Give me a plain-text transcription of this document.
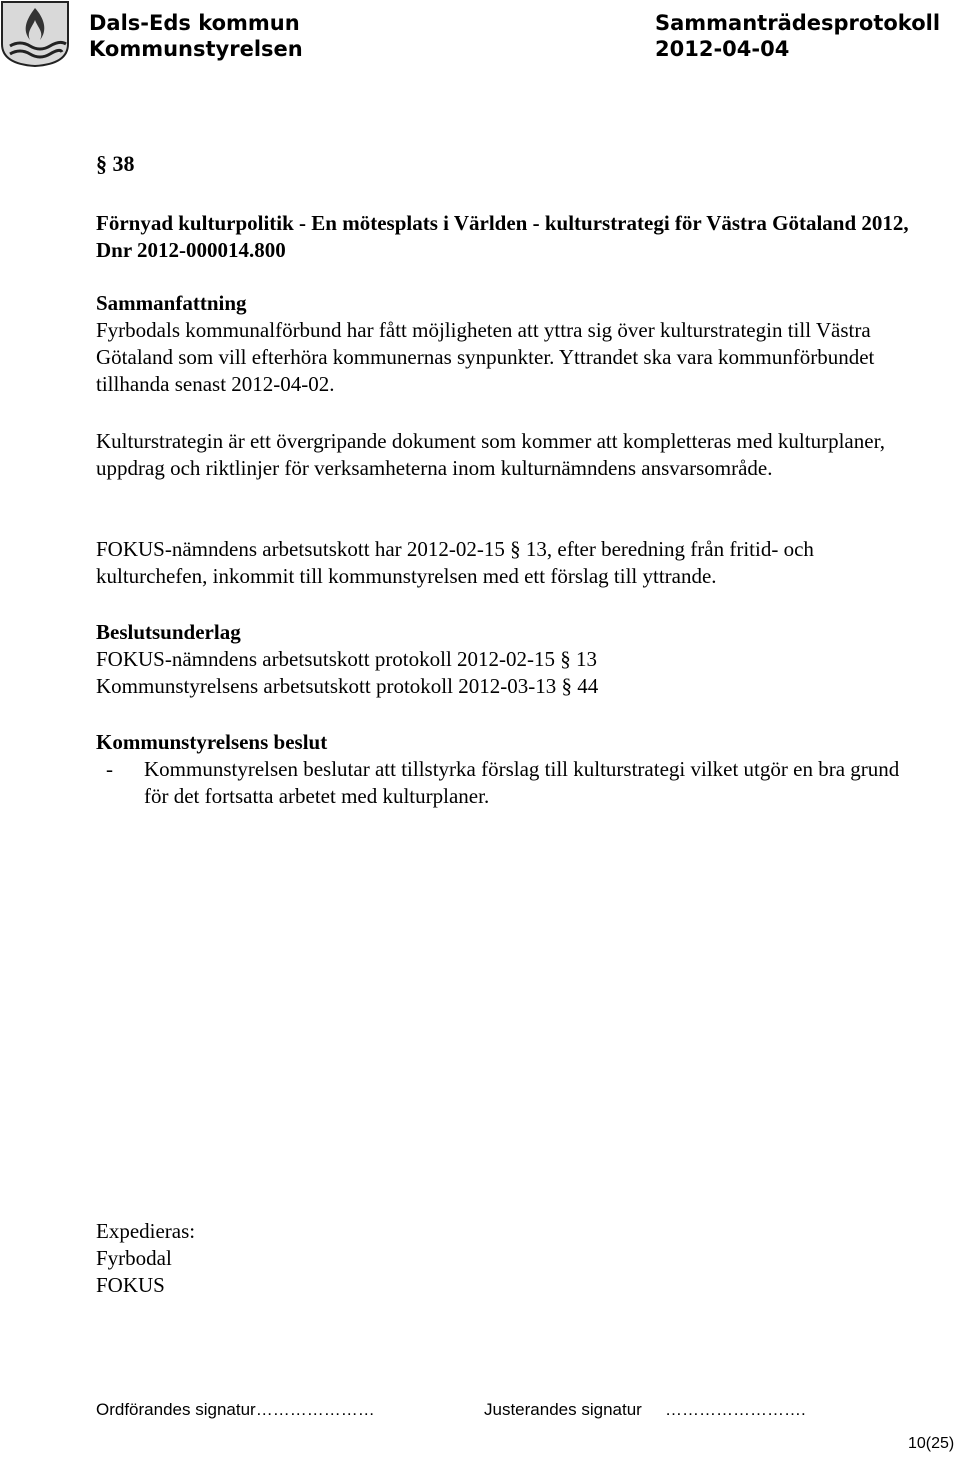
Dals-Eds kommun
Kommunstyrelsen
Sammanträdesprotokoll
2012-04-04
§ 38
Förnyad kulturpolitik - En mötesplats i Världen - kulturstrategi för Västra Götaland 2012, Dnr 2012-000014.800

Sammanfattning

Fyrbodals kommunalförbund har fått möjligheten att yttra sig över kulturstrategin till Västra Götaland som vill efterhöra kommunernas synpunkter. Yttrandet ska vara kommunförbundet tillhanda senast 2012-04-02.

Kulturstrategin är ett övergripande dokument som kommer att kompletteras med kulturplaner, uppdrag och riktlinjer för verksamheterna inom kulturnämndens ansvarsområde.
FOKUS-nämndens arbetsutskott har 2012-02-15 § 13, efter beredning från fritid- och kulturchefen, inkommit till kommunstyrelsen med ett förslag till yttrande.

Beslutsunderlag

FOKUS-nämndens arbetsutskott protokoll 2012-02-15 § 13

Kommunstyrelsens arbetsutskott protokoll 2012-03-13 § 44

Kommunstyrelsens beslut
- Kommunstyrelsen beslutar att tillstyrka förslag till kulturstrategi vilket utgör en bra grund för det fortsatta arbetet med kulturplaner.
Expedieras:
Fyrbodal
FOKUS
Ordförandes signatur…………………	Justerandes signatur …………………….
10(25)
